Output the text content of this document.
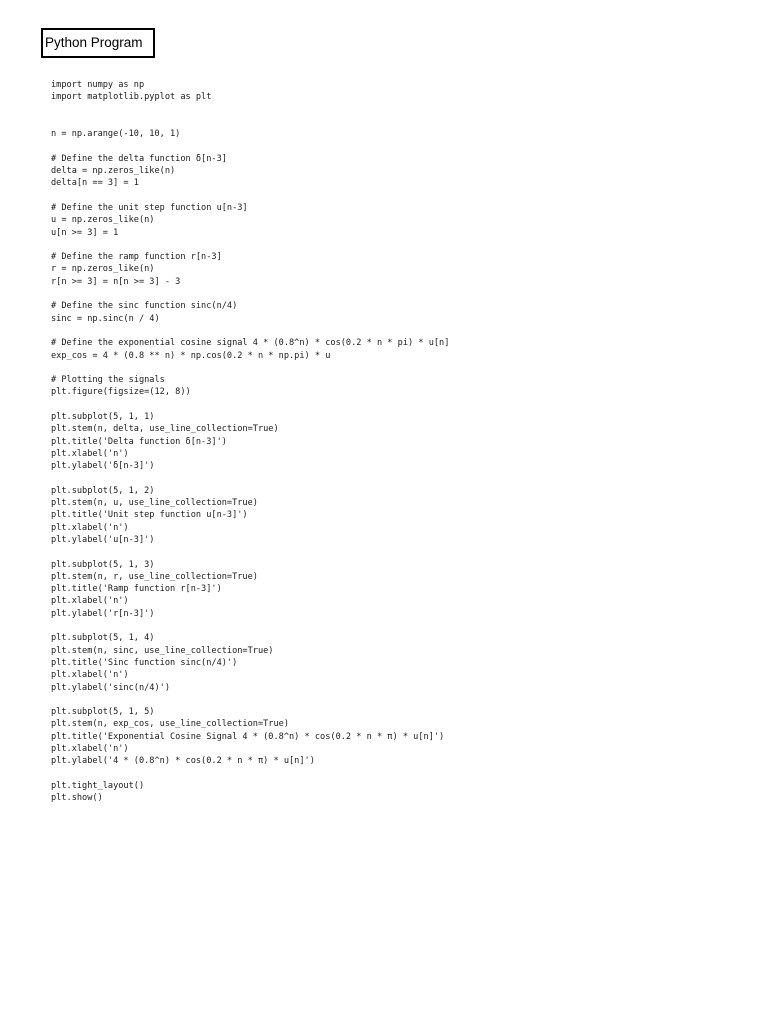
Python Program
import numpy as np
import matplotlib.pyplot as plt
n = np.arange(-10, 10, 1)
# Define the delta function δ[n-3]
delta = np.zeros_like(n)
delta[n == 3] = 1
# Define the unit step function u[n-3]
u = np.zeros_like(n)
u[n >= 3] = 1
# Define the ramp function r[n-3]
r = np.zeros_like(n)
r[n >= 3] = n[n >= 3] - 3
# Define the sinc function sinc(n/4)
sinc = np.sinc(n / 4)
# Define the exponential cosine signal 4 * (0.8^n) * cos(0.2 * n * pi) * u[n]
exp_cos = 4 * (0.8 ** n) * np.cos(0.2 * n * np.pi) * u
# Plotting the signals
plt.figure(figsize=(12, 8))
plt.subplot(5, 1, 1)
plt.stem(n, delta, use_line_collection=True)
plt.title('Delta function δ[n-3]')
plt.xlabel('n')
plt.ylabel('δ[n-3]')
plt.subplot(5, 1, 2)
plt.stem(n, u, use_line_collection=True)
plt.title('Unit step function u[n-3]')
plt.xlabel('n')
plt.ylabel('u[n-3]')
plt.subplot(5, 1, 3)
plt.stem(n, r, use_line_collection=True)
plt.title('Ramp function r[n-3]')
plt.xlabel('n')
plt.ylabel('r[n-3]')
plt.subplot(5, 1, 4)
plt.stem(n, sinc, use_line_collection=True)
plt.title('Sinc function sinc(n/4)')
plt.xlabel('n')
plt.ylabel('sinc(n/4)')
plt.subplot(5, 1, 5)
plt.stem(n, exp_cos, use_line_collection=True)
plt.title('Exponential Cosine Signal 4 * (0.8^n) * cos(0.2 * n * π) * u[n]')
plt.xlabel('n')
plt.ylabel('4 * (0.8^n) * cos(0.2 * n * π) * u[n]')
plt.tight_layout()
plt.show()
